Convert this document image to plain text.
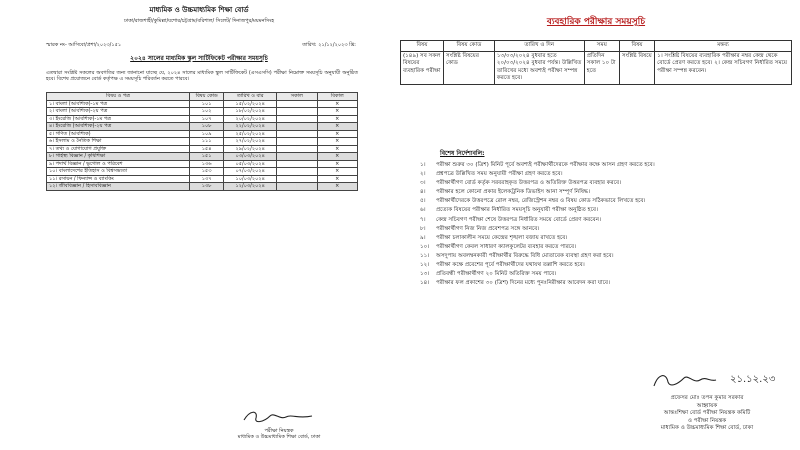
মাধ্যমিক ও উচ্চমাধ্যমিক শিক্ষা বোর্ড
ঢাকা/রাজশাহী/কুমিল্লা/যশোর/চট্টগ্রাম/বরিশাল/ সিলেট/ দিনাজপুর/ময়মনসিংহ
স্মারক নং- আসিবো/প্রশা/২০২৩/১৫১	তারিখ: ২১/১২/২০২৩ খ্রি:
২০২৪ সালের মাধ্যমিক স্কুল সার্টিফিকেট পরীক্ষার সময়সূচি
এতদ্বারা সংশ্লিষ্ট সকলের অবগতির জন্য জানানো যাচ্ছে যে, ২০২৪ সালের মাধ্যমিক স্কুল সার্টিফিকেট (এসএসসি) পরীক্ষা নিম্নোক্ত সময়সূচি অনুযায়ী অনুষ্ঠিত হবে। বিশেষ প্রয়োজনে বোর্ড কর্তৃপক্ষ এ সময়সূচি পরিবর্তন করতে পারবে।
বিষয় ও পত্র	বিষয় কোড	তারিখ ও বার	সকাল	বিকাল
১। বাংলা (আবশ্যিক)-১ম পত্র	১০১	১৫/০২/২০২৪		×
২। বাংলা (আবশ্যিক)-২য় পত্র	১০২	১৮/০২/২০২৪		×
৩। ইংরেজি (আবশ্যিক)-১ম পত্র	১০৭	২০/০২/২০২৪		×
৪। ইংরেজি (আবশ্যিক)-২য় পত্র	১০৮	২২/০২/২০২৪		×
৫। গণিত (আবশ্যিক)	১০৯	২৫/০২/২০২৪		×
৬। ইসলাম ও নৈতিক শিক্ষা	১১১	২৭/০২/২০২৪		×
৭। তথ্য ও যোগাযোগ প্রযুক্তি	১৫৪	২৯/০২/২০২৪		×
৮। গার্হস্থ্য বিজ্ঞান / কৃষিশিক্ষা	১৫১	০৩/০৩/২০২৪		×
৯। পদার্থ বিজ্ঞান / ভূগোল ও পরিবেশ	১৩৬	০৫/০৩/২০২৪		×
১০। বাংলাদেশের ইতিহাস ও বিশ্বসভ্যতা	১৫৩	০৭/০৩/২০২৪		×
১১। রসায়ন / ফিন্যান্স ও ব্যাংকিং	১৩৭	১০/০৩/২০২৪		×
১২। জীববিজ্ঞান / হিসাববিজ্ঞান	১৩৮	১২/০৩/২০২৪		×
পরীক্ষা নিয়ন্ত্রক
মাধ্যমিক ও উচ্চমাধ্যমিক শিক্ষা বোর্ড, ঢাকা
ব্যবহারিক পরীক্ষার সময়সূচি
বিষয়	বিষয় কোড	তারিখ ও দিন	সময়	বিষয়	মন্তব্য
(১৪৯) সব সকল বিষয়ের ব্যবহারিক পরীক্ষা	সংশ্লিষ্ট বিষয়ের কোড	১৩/০৩/২০২৪ বুধবার হতে ২০/০৩/২০২৪ বুধবার পর্যন্ত। উল্লিখিত তারিখের মধ্যে অবশ্যই পরীক্ষা সম্পন্ন করতে হবে।	প্রতিদিন সকাল ১০ টা হতে	সংশ্লিষ্ট বিষয়ে	১। সংশ্লিষ্ট বিষয়ের ব্যবহারিক পরীক্ষার নম্বর কেন্দ্র থেকে বোর্ডে প্রেরণ করতে হবে। ২। কেন্দ্র সচিবগণ নির্ধারিত সময়ে পরীক্ষা সম্পন্ন করবেন।
বিশেষ নির্দেশাবলি:
১।	পরীক্ষা শুরুর ৩০ (ত্রিশ) মিনিট পূর্বে অবশ্যই পরীক্ষার্থীদেরকে পরীক্ষার কক্ষে আসন গ্রহণ করতে হবে।
২।	প্রশ্নপত্রে উল্লিখিত সময় অনুযায়ী পরীক্ষা গ্রহণ করতে হবে।
৩।	পরীক্ষার্থীগণ বোর্ড কর্তৃক সরবরাহকৃত উত্তরপত্র ও অতিরিক্ত উত্তরপত্র ব্যবহার করবে।
৪।	পরীক্ষার হলে কোনো প্রকার ইলেকট্রনিক ডিভাইস আনা সম্পূর্ণ নিষিদ্ধ।
৫।	পরীক্ষার্থীদেরকে উত্তরপত্রে রোল নম্বর, রেজিস্ট্রেশন নম্বর ও বিষয় কোড সঠিকভাবে লিখতে হবে।
৬।	প্রত্যেক বিষয়ের পরীক্ষার নির্ধারিত সময়সূচি অনুযায়ী পরীক্ষা অনুষ্ঠিত হবে।
৭।	কেন্দ্র সচিবগণ পরীক্ষা শেষে উত্তরপত্র নির্ধারিত সময়ে বোর্ডে প্রেরণ করবেন।
৮।	পরীক্ষার্থীগণ নিজ নিজ প্রবেশপত্র সঙ্গে আনবে।
৯।	পরীক্ষা চলাকালীন সময়ে কেন্দ্রের শৃঙ্খলা বজায় রাখতে হবে।
১০।	পরীক্ষার্থীগণ কেবল সাধারণ ক্যালকুলেটর ব্যবহার করতে পারবে।
১১।	অসদুপায় অবলম্বনকারী পরীক্ষার্থীর বিরুদ্ধে বিধি মোতাবেক ব্যবস্থা গ্রহণ করা হবে।
১২।	পরীক্ষা কক্ষে প্রবেশের পূর্বে পরীক্ষার্থীদের যথাযথ তল্লাশি করতে হবে।
১৩।	প্রতিবন্ধী পরীক্ষার্থীগণ ২০ মিনিট অতিরিক্ত সময় পাবে।
১৪।	পরীক্ষার ফল প্রকাশের ৩০ (ত্রিশ) দিনের মধ্যে পুনঃনিরীক্ষার আবেদন করা যাবে।
২১.১২.২৩
প্রফেসর মোঃ তপন কুমার সরকার
আহ্বায়ক
আন্তঃশিক্ষা বোর্ড পরীক্ষা নিয়ন্ত্রক কমিটি
ও পরীক্ষা নিয়ন্ত্রক
মাধ্যমিক ও উচ্চমাধ্যমিক শিক্ষা বোর্ড, ঢাকা
